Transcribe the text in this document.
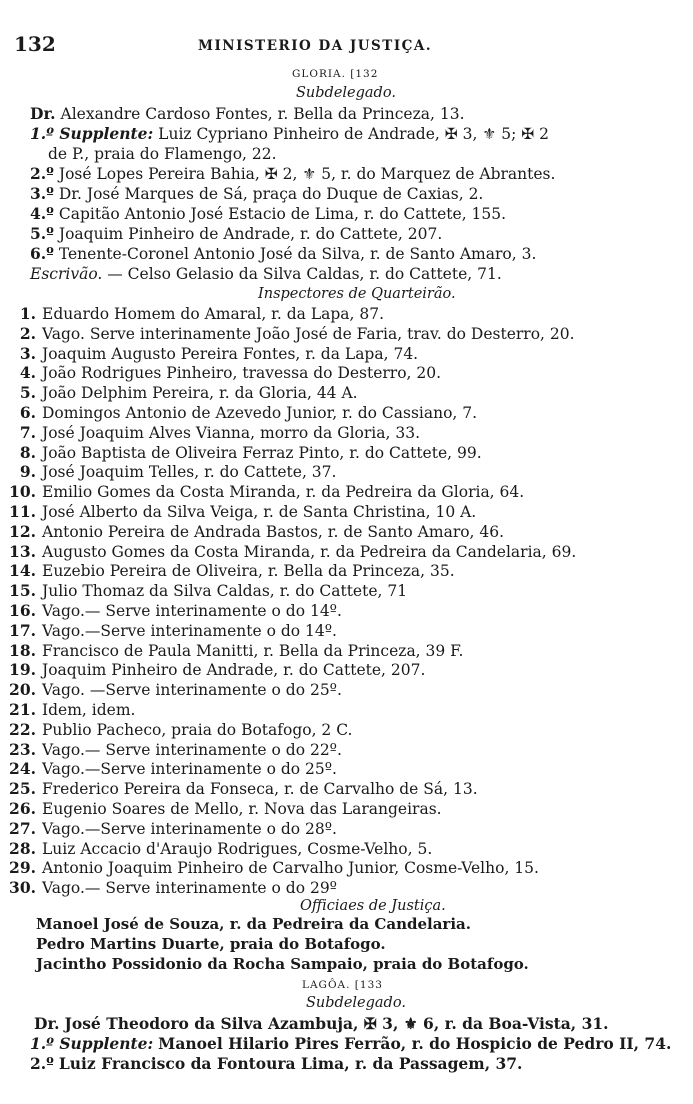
132	MINISTERIO DA JUSTIÇA.
GLORIA. [132
Subdelegado.
Dr. Alexandre Cardoso Fontes, r. Bella da Princeza, 13.
1.º Supplente: Luiz Cypriano Pinheiro de Andrade, ✠ 3, ⚜ 5; ✠ 2
de P., praia do Flamengo, 22.
2.º José Lopes Pereira Bahia, ✠ 2, ⚜ 5, r. do Marquez de Abrantes.
3.º Dr. José Marques de Sá, praça do Duque de Caxias, 2.
4.º Capitão Antonio José Estacio de Lima, r. do Cattete, 155.
5.º Joaquim Pinheiro de Andrade, r. do Cattete, 207.
6.º Tenente-Coronel Antonio José da Silva, r. de Santo Amaro, 3.
Escrivão. — Celso Gelasio da Silva Caldas, r. do Cattete, 71.
Inspectores de Quarteirão.
1. Eduardo Homem do Amaral, r. da Lapa, 87.
2. Vago. Serve interinamente João José de Faria, trav. do Desterro, 20.
3. Joaquim Augusto Pereira Fontes, r. da Lapa, 74.
4. João Rodrigues Pinheiro, travessa do Desterro, 20.
5. João Delphim Pereira, r. da Gloria, 44 A.
6. Domingos Antonio de Azevedo Junior, r. do Cassiano, 7.
7. José Joaquim Alves Vianna, morro da Gloria, 33.
8. João Baptista de Oliveira Ferraz Pinto, r. do Cattete, 99.
9. José Joaquim Telles, r. do Cattete, 37.
10. Emilio Gomes da Costa Miranda, r. da Pedreira da Gloria, 64.
11. José Alberto da Silva Veiga, r. de Santa Christina, 10 A.
12. Antonio Pereira de Andrada Bastos, r. de Santo Amaro, 46.
13. Augusto Gomes da Costa Miranda, r. da Pedreira da Candelaria, 69.
14. Euzebio Pereira de Oliveira, r. Bella da Princeza, 35.
15. Julio Thomaz da Silva Caldas, r. do Cattete, 71
16. Vago.— Serve interinamente o do 14º.
17. Vago.—Serve interinamente o do 14º.
18. Francisco de Paula Manitti, r. Bella da Princeza, 39 F.
19. Joaquim Pinheiro de Andrade, r. do Cattete, 207.
20. Vago. —Serve interinamente o do 25º.
21. Idem, idem.
22. Publio Pacheco, praia do Botafogo, 2 C.
23. Vago.— Serve interinamente o do 22º.
24. Vago.—Serve interinamente o do 25º.
25. Frederico Pereira da Fonseca, r. de Carvalho de Sá, 13.
26. Eugenio Soares de Mello, r. Nova das Larangeiras.
27. Vago.—Serve interinamente o do 28º.
28. Luiz Accacio d'Araujo Rodrigues, Cosme-Velho, 5.
29. Antonio Joaquim Pinheiro de Carvalho Junior, Cosme-Velho, 15.
30. Vago.— Serve interinamente o do 29º
Officiaes de Justiça.
Manoel José de Souza, r. da Pedreira da Candelaria.
Pedro Martins Duarte, praia do Botafogo.
Jacintho Possidonio da Rocha Sampaio, praia do Botafogo.
LAGÔA. [133
Subdelegado.
Dr. José Theodoro da Silva Azambuja, ✠ 3, ⚜ 6, r. da Boa-Vista, 31.
1.º Supplente: Manoel Hilario Pires Ferrão, r. do Hospicio de Pedro II, 74.
2.º Luiz Francisco da Fontoura Lima, r. da Passagem, 37.
